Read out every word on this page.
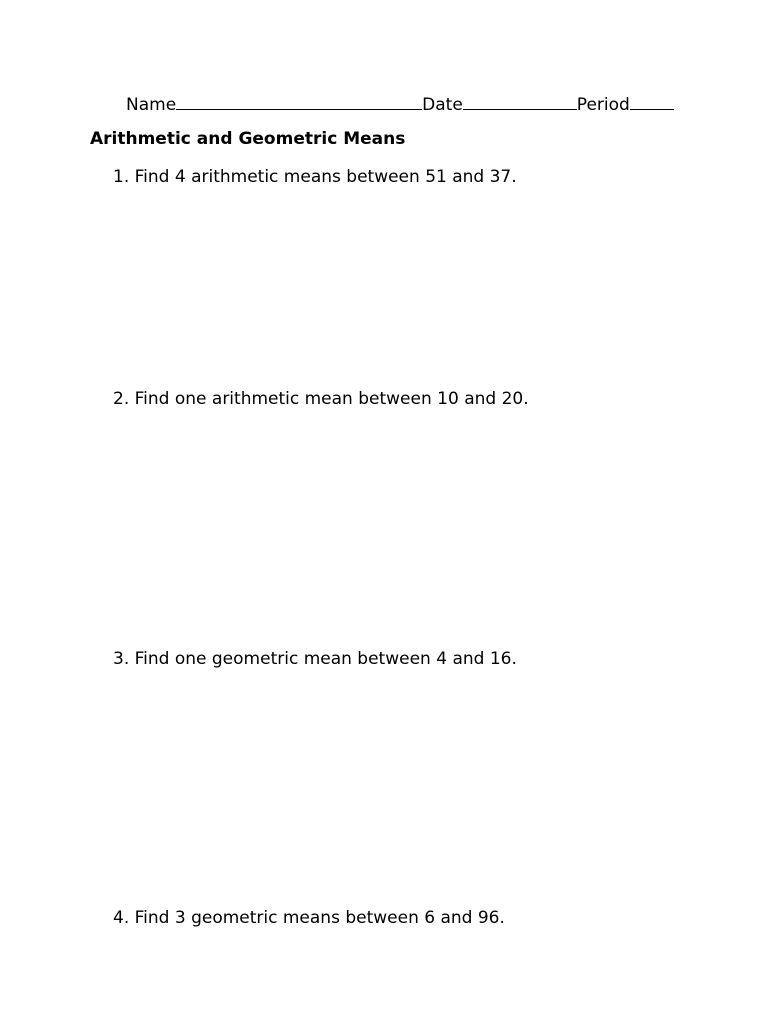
Name	Date	Period
Arithmetic and Geometric Means
1. Find 4 arithmetic means between 51 and 37.
2. Find one arithmetic mean between 10 and 20.
3. Find one geometric mean between 4 and 16.
4. Find 3 geometric means between 6 and 96.
